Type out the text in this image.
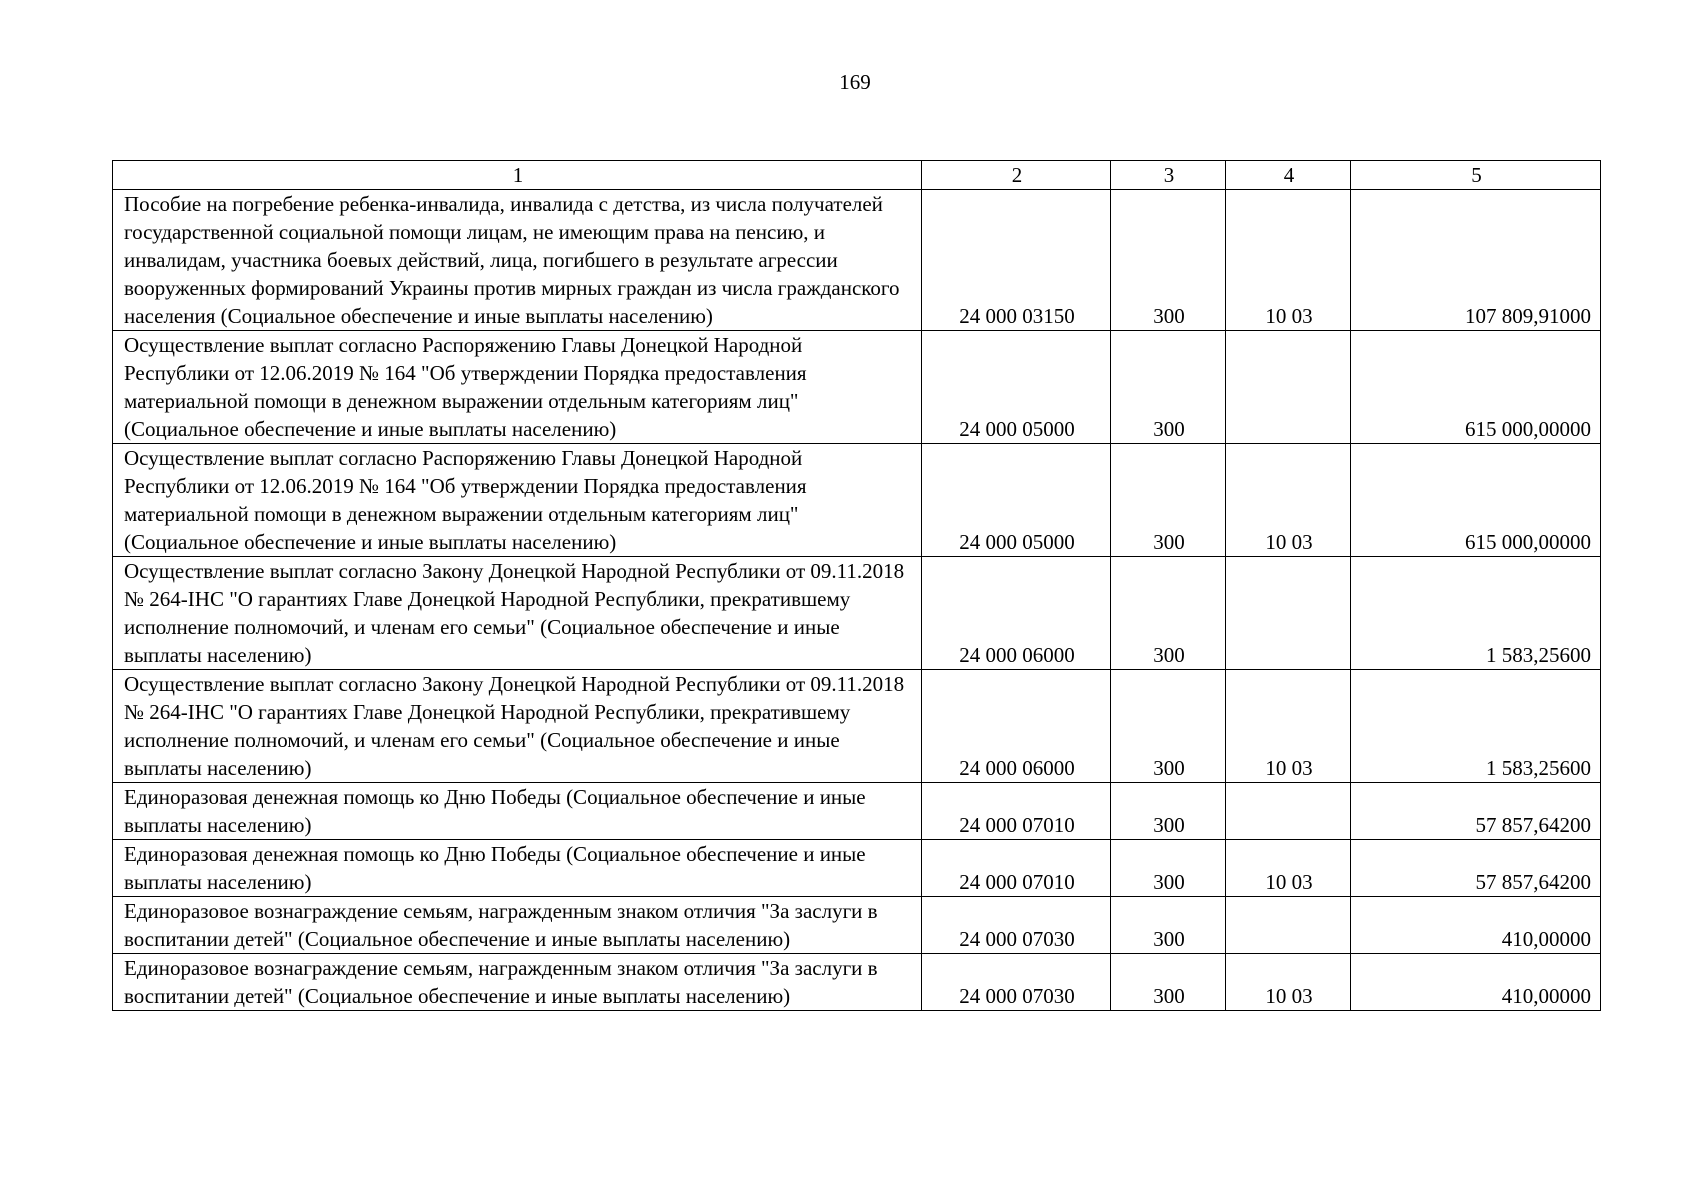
169
1	2	3	4	5
Пособие на погребение ребенка-инвалида, инвалида с детства, из числа получателей государственной социальной помощи лицам, не имеющим права на пенсию, и инвалидам, участника боевых действий, лица, погибшего в результате агрессии вооруженных формирований Украины против мирных граждан из числа гражданского населения (Социальное обеспечение и иные выплаты населению)	24 000 03150	300	10 03	107 809,91000
Осуществление выплат согласно Распоряжению Главы Донецкой Народной Республики от 12.06.2019 № 164 "Об утверждении Порядка предоставления материальной помощи в денежном выражении отдельным категориям лиц" (Социальное обеспечение и иные выплаты населению)	24 000 05000	300		615 000,00000
Осуществление выплат согласно Распоряжению Главы Донецкой Народной Республики от 12.06.2019 № 164 "Об утверждении Порядка предоставления материальной помощи в денежном выражении отдельным категориям лиц" (Социальное обеспечение и иные выплаты населению)	24 000 05000	300	10 03	615 000,00000
Осуществление выплат согласно Закону Донецкой Народной Республики от 09.11.2018 № 264-IНС "О гарантиях Главе Донецкой Народной Республики, прекратившему исполнение полномочий, и членам его семьи" (Социальное обеспечение и иные выплаты населению)	24 000 06000	300		1 583,25600
Осуществление выплат согласно Закону Донецкой Народной Республики от 09.11.2018 № 264-IНС "О гарантиях Главе Донецкой Народной Республики, прекратившему исполнение полномочий, и членам его семьи" (Социальное обеспечение и иные выплаты населению)	24 000 06000	300	10 03	1 583,25600
Единоразовая денежная помощь ко Дню Победы (Социальное обеспечение и иные выплаты населению)	24 000 07010	300		57 857,64200
Единоразовая денежная помощь ко Дню Победы (Социальное обеспечение и иные выплаты населению)	24 000 07010	300	10 03	57 857,64200
Единоразовое вознаграждение семьям, награжденным знаком отличия "За заслуги в воспитании детей" (Социальное обеспечение и иные выплаты населению)	24 000 07030	300		410,00000
Единоразовое вознаграждение семьям, награжденным знаком отличия "За заслуги в воспитании детей" (Социальное обеспечение и иные выплаты населению)	24 000 07030	300	10 03	410,00000
